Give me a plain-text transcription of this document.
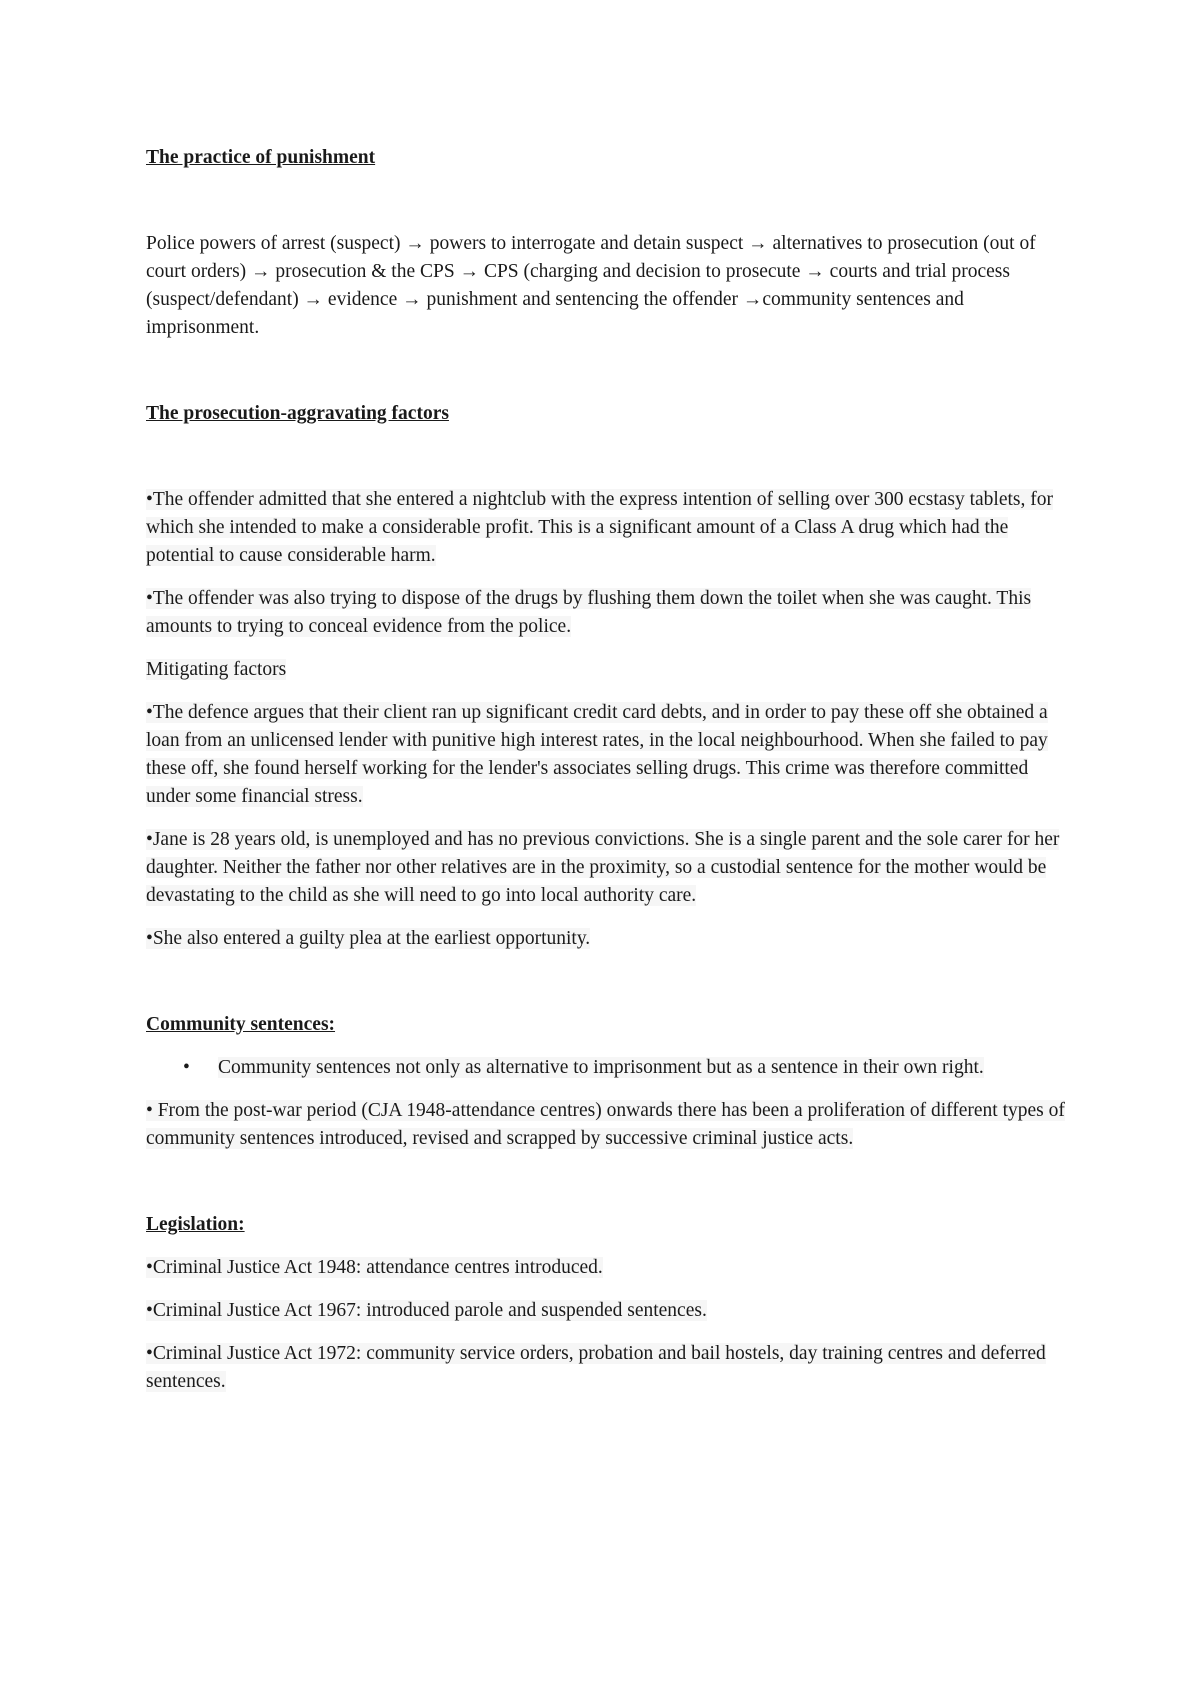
The practice of punishment

Police powers of arrest (suspect) → powers to interrogate and detain suspect → alternatives to prosecution (out of court orders) → prosecution & the CPS → CPS (charging and decision to prosecute → courts and trial process (suspect/defendant) → evidence → punishment and sentencing the offender →community sentences and imprisonment.

The prosecution-aggravating factors

•The offender admitted that she entered a nightclub with the express intention of selling over 300 ecstasy tablets, for which she intended to make a considerable profit. This is a significant amount of a Class A drug which had the potential to cause considerable harm.

•The offender was also trying to dispose of the drugs by flushing them down the toilet when she was caught. This amounts to trying to conceal evidence from the police.

Mitigating factors

•The defence argues that their client ran up significant credit card debts, and in order to pay these off she obtained a loan from an unlicensed lender with punitive high interest rates, in the local neighbourhood. When she failed to pay these off, she found herself working for the lender's associates selling drugs. This crime was therefore committed under some financial stress.

•Jane is 28 years old, is unemployed and has no previous convictions. She is a single parent and the sole carer for her daughter. Neither the father nor other relatives are in the proximity, so a custodial sentence for the mother would be devastating to the child as she will need to go into local authority care.

•She also entered a guilty plea at the earliest opportunity.

Community sentences:

• Community sentences not only as alternative to imprisonment but as a sentence in their own right.

• From the post-war period (CJA 1948-attendance centres) onwards there has been a proliferation of different types of community sentences introduced, revised and scrapped by successive criminal justice acts.

Legislation:

•Criminal Justice Act 1948: attendance centres introduced.

•Criminal Justice Act 1967: introduced parole and suspended sentences.

•Criminal Justice Act 1972: community service orders, probation and bail hostels, day training centres and deferred sentences.
